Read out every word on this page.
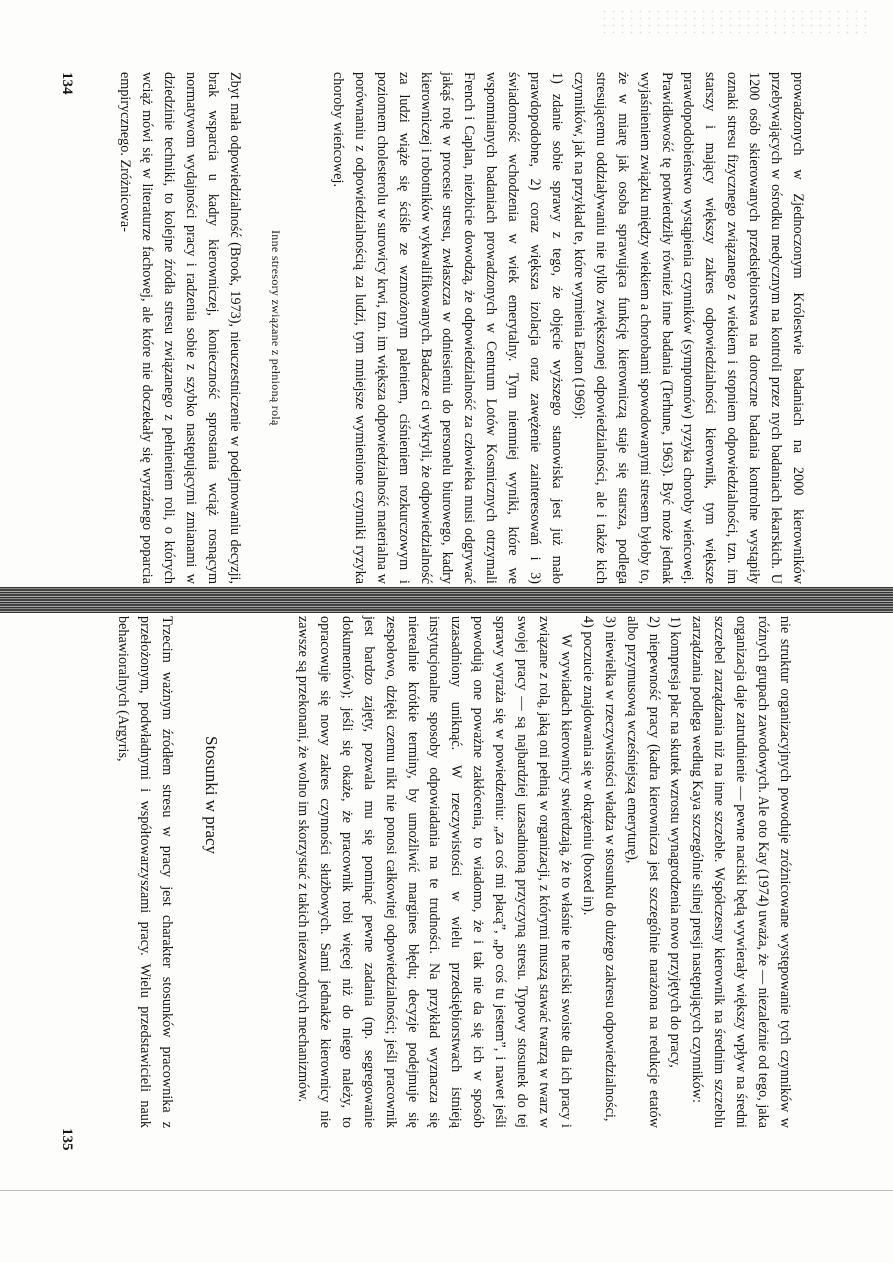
prowadzonych w Zjednoczonym Królestwie badaniach na 2000 kierowników przebywających w ośrodku medycznym na kontroli przez nych badaniach lekarskich. U 1200 osób skierowanych przedsiębiorstwa na doroczne badania kontrolne wystąpiły oznaki stresu fizycznego związanego z wiekiem i stopniem odpowiedzialności, tzn. im starszy i mający większy zakres odpowiedzialności kierownik, tym większe prawdopodobieństwo wystąpienia czynników (symptomów) ryzyka choroby wieńcowej. Prawidłowość tę potwierdziły również inne badania (Terhune, 1963). Być może jednak wyjaśnieniem związku między wiekiem a chorobami spowodowanymi stresem byłoby to, że w miarę jak osoba sprawująca funkcję kierowniczą staje się starsza, podlega stresującemu oddziaływaniu nie tylko zwiększonej odpowiedzialności, ale i także kich czynników, jak na przykład te, które wymienia Eaton (1969):

1) zdanie sobie sprawy z tego, że objęcie wyższego stanowiska jest już mało prawdopodobne, 2) coraz większa izolacja oraz zawężenie zainteresowań i 3) świadomość wchodzenia w wiek emerytalny. Tym niemniej wyniki, które we wspomnianych badaniach prowadzonych w Centrum Lotów Kosmicznych otrzymali French i Caplan, niezbicie dowodzą, że odpowiedzialność za człowieka musi odgrywać jakąś rolę w procesie stresu, zwłaszcza w odniesieniu do personelu biurowego, kadry kierowniczej i robotników wykwalifikowanych. Badacze ci wykryli, że odpowiedzialność za ludzi wiąże się ściśle ze wzmożonym paleniem, ciśnieniem rozkurczowym i poziomem cholesterolu w surowicy krwi, tzn. im większa odpowiedzialność materialna w porównaniu z odpowiedzialnością za ludzi, tym mniejsze wymienione czynniki ryzyka choroby wieńcowej.

Inne stresory związane z pełnioną rolą

Zbyt mała odpowiedzialność (Brook, 1973), nieuczestniczenie w podejmowaniu decyzji, brak wsparcia u kadry kierowniczej, konieczność sprostania wciąż rosnącym normatywom wydajności pracy i radzenia sobie z szybko następującymi zmianami w dziedzinie techniki, to kolejne źródła stresu związanego z pełnieniem roli, o których wciąż mówi się w literaturze fachowej, ale które nie doczekały się wyraźnego poparcia empirycznego. Zróżnicowa-

134

nie struktur organizacyjnych powoduje zróżnicowane występowanie tych czynników w różnych grupach zawodowych. Ale oto Kay (1974) uważa, że — niezależnie od tego, jaka organizacja daje zatrudnienie — pewne naciski będą wywierały większy wpływ na średni szczebel zarządzania niż na inne szczeble. Współczesny kierownik na średnim szczeblu zarządzania podlega według Kaya szczególnie silnej presji następujących czynników:

1) kompresja płac na skutek wzrostu wynagrodzenia nowo przyjętych do pracy,

2) niepewność pracy (kadra kierownicza jest szczególnie narażona na redukcje etatów albo przymusową wcześniejszą emeryturę),

3) niewielka w rzeczywistości władza w stosunku do dużego zakresu odpowiedzialności,

4) poczucie znajdowania się w okrążeniu (boxed in).

W wywiadach kierownicy stwierdzają, że to właśnie te naciski swoiste dla ich pracy i związane z rolą, jaką oni pełnią w organizacji, z którymi muszą stawać twarzą w twarz w swojej pracy — są najbardziej uzasadnioną przyczyną stresu. Typowy stosunek do tej sprawy wyraża się w powiedzeniu: „za coś mi płacą”, „po coś tu jestem”, i nawet jeśli powodują one poważne zakłócenia, to wiadomo, że i tak nie da się ich w sposób uzasadniony uniknąć. W rzeczywistości w wielu przedsiębiorstwach istnieją instytucjonalne sposoby odpowiadania na te trudności. Na przykład wyznacza się nierealnie krótkie terminy, by umożliwić margines błędu; decyzje podejmuje się zespołowo, dzięki czemu nikt nie ponosi całkowitej odpowiedzialności; jeśli pracownik jest bardzo zajęty, pozwala mu się pominąć pewne zadania (np. segregowanie dokumentów); jeśli się okaże, że pracownik robi więcej niż do niego należy, to opracowuje się nowy zakres czynności służbowych. Sami jednakże kierownicy nie zawsze są przekonani, że wolno im skorzystać z takich niezawodnych mechanizmów.

Stosunki w pracy

Trzecim ważnym źródłem stresu w pracy jest charakter stosunków pracownika z przełożonym, podwładnymi i współtowarzyszami pracy. Wielu przedstawicieli nauk behawioralnych (Argyris,

135
